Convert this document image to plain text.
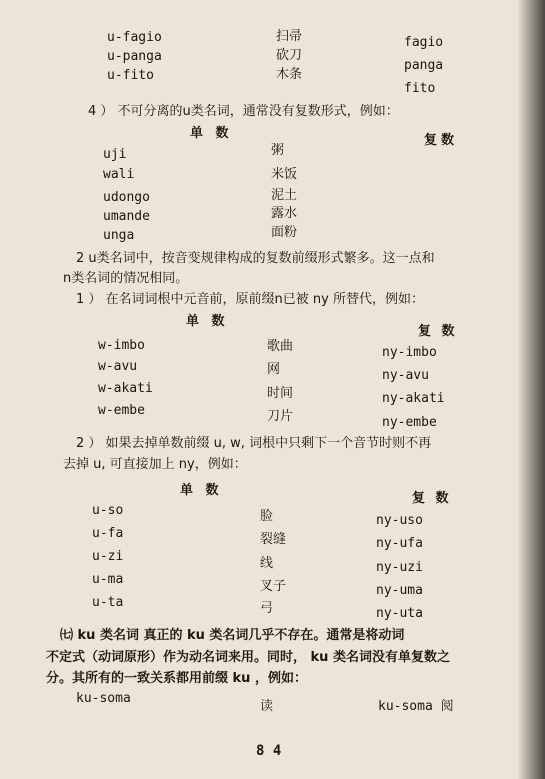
u-fagio
u-panga
u-fito
扫帚
砍刀
木条
fagio
panga
fito
4 ） 不可分离的u类名词，通常没有复数形式，例如：
单 数	复数
uji
wali
udongo
umande
unga
粥
米饭
泥土
露水
面粉
2 u类名词中，按音变规律构成的复数前缀形式繁多。这一点和
n类名词的情况相同。
1 ） 在名词词根中元音前，原前缀n已被 ny 所替代，例如：
单 数
复 数
w-imbo
w-avu
w-akati
w-embe
歌曲
网
时间
刀片
ny-imbo
ny-avu
ny-akati
ny-embe
2 ） 如果去掉单数前缀 u, w, 词根中只剩下一个音节时则不再
去掉 u, 可直接加上 ny，例如：
单 数
复 数
u-so
u-fa
u-zi
u-ma
u-ta
脸
裂缝
线
叉子
弓
ny-uso
ny-ufa
ny-uzi
ny-uma
ny-uta
㈦ ku 类名词 真正的 ku 类名词几乎不存在。通常是将动词
不定式（动词原形）作为动名词来用。同时， ku 类名词没有单复数之
分。其所有的一致关系都用前缀 ku ，例如：
ku-soma
读	ku-soma 阅
8 4
